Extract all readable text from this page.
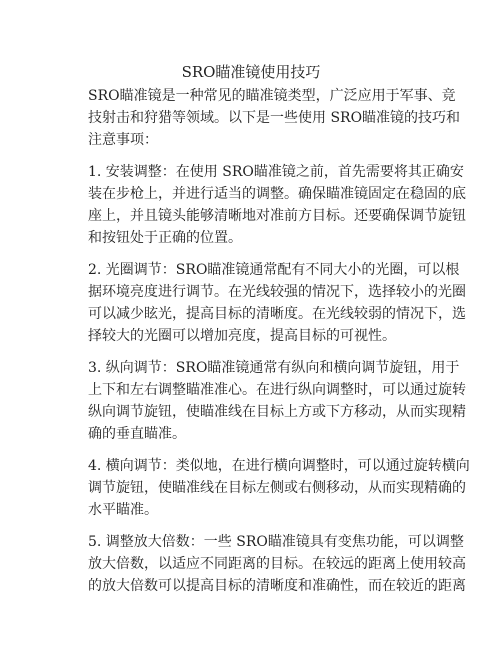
SRO瞄准镜使用技巧

SRO瞄准镜是一种常见的瞄准镜类型，广泛应用于军事、竞
技射击和狩猎等领域。以下是一些使用 SRO瞄准镜的技巧和
注意事项：

1. 安装调整：在使用 SRO瞄准镜之前，首先需要将其正确安
装在步枪上，并进行适当的调整。确保瞄准镜固定在稳固的底
座上，并且镜头能够清晰地对准前方目标。还要确保调节旋钮
和按钮处于正确的位置。

2. 光圈调节：SRO瞄准镜通常配有不同大小的光圈，可以根
据环境亮度进行调节。在光线较强的情况下，选择较小的光圈
可以减少眩光，提高目标的清晰度。在光线较弱的情况下，选
择较大的光圈可以增加亮度，提高目标的可视性。

3. 纵向调节：SRO瞄准镜通常有纵向和横向调节旋钮，用于
上下和左右调整瞄准准心。在进行纵向调整时，可以通过旋转
纵向调节旋钮，使瞄准线在目标上方或下方移动，从而实现精
确的垂直瞄准。

4. 横向调节：类似地，在进行横向调整时，可以通过旋转横向
调节旋钮，使瞄准线在目标左侧或右侧移动，从而实现精确的
水平瞄准。

5. 调整放大倍数：一些 SRO瞄准镜具有变焦功能，可以调整
放大倍数，以适应不同距离的目标。在较远的距离上使用较高
的放大倍数可以提高目标的清晰度和准确性，而在较近的距离
